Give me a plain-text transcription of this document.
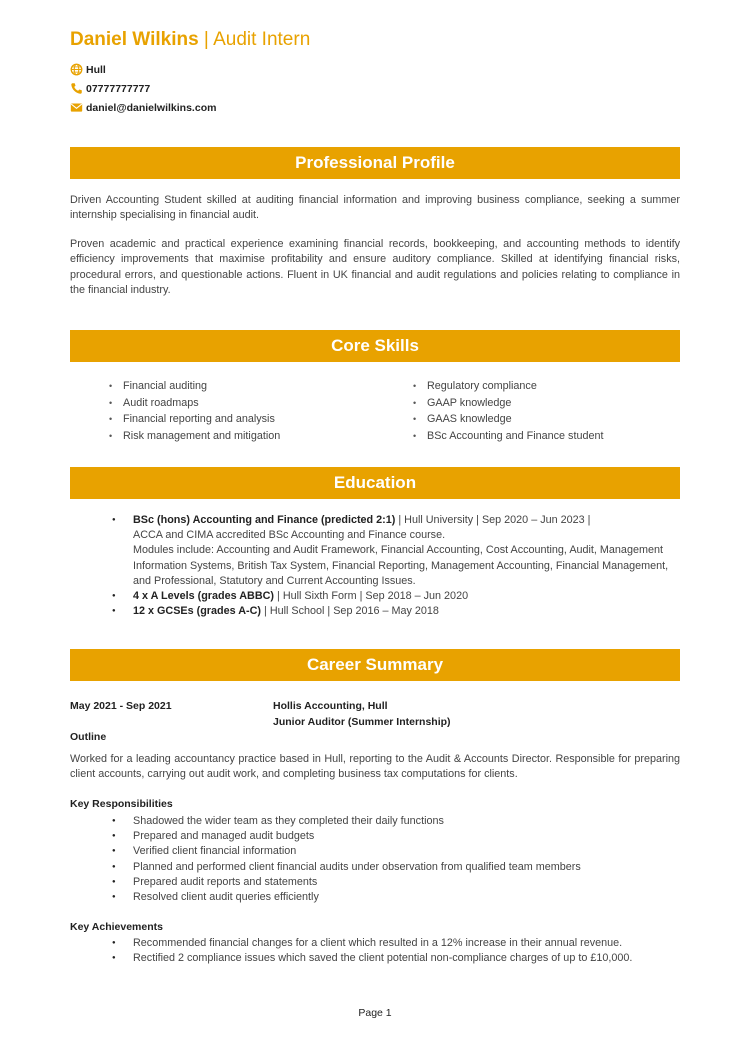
Daniel Wilkins | Audit Intern
Hull
07777777777
daniel@danielwilkins.com
Professional Profile

Driven Accounting Student skilled at auditing financial information and improving business compliance, seeking a summer internship specialising in financial audit.

Proven academic and practical experience examining financial records, bookkeeping, and accounting methods to identify efficiency improvements that maximise profitability and ensure auditory compliance. Skilled at identifying financial risks, procedural errors, and questionable actions. Fluent in UK financial and audit regulations and policies relating to compliance in the financial industry.

Core Skills
• Financial auditing
• Audit roadmaps
• Financial reporting and analysis
• Risk management and mitigation
• Regulatory compliance
• GAAP knowledge
• GAAS knowledge
• BSc Accounting and Finance student
Education
● BSc (hons) Accounting and Finance (predicted 2:1) | Hull University | Sep 2020 – Jun 2023 |
ACCA and CIMA accredited BSc Accounting and Finance course.
Modules include: Accounting and Audit Framework, Financial Accounting, Cost Accounting, Audit, Management Information Systems, British Tax System, Financial Reporting, Management Accounting, Financial Management, and Professional, Statutory and Current Accounting Issues.
● 4 x A Levels (grades ABBC) | Hull Sixth Form | Sep 2018 – Jun 2020
● 12 x GCSEs (grades A-C) | Hull School | Sep 2016 – May 2018
Career Summary
May 2021 - Sep 2021	Hollis Accounting, Hull
Junior Auditor (Summer Internship)
Outline

Worked for a leading accountancy practice based in Hull, reporting to the Audit & Accounts Director. Responsible for preparing client accounts, carrying out audit work, and completing business tax computations for clients.

Key Responsibilities
● Shadowed the wider team as they completed their daily functions
● Prepared and managed audit budgets
● Verified client financial information
● Planned and performed client financial audits under observation from qualified team members
● Prepared audit reports and statements
● Resolved client audit queries efficiently
Key Achievements
● Recommended financial changes for a client which resulted in a 12% increase in their annual revenue.
● Rectified 2 compliance issues which saved the client potential non-compliance charges of up to £10,000.
Page 1
